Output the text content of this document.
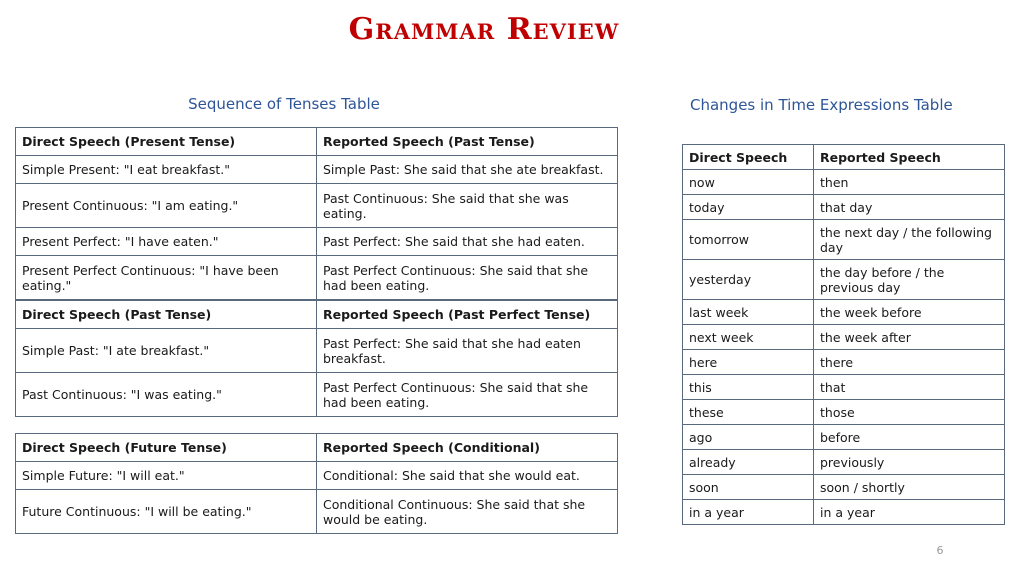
Grammar Review
Sequence of Tenses Table	Changes in Time Expressions Table
Direct Speech (Present Tense)	Reported Speech (Past Tense)
Simple Present: "I eat breakfast."	Simple Past: She said that she ate breakfast.
Present Continuous: "I am eating."	Past Continuous: She said that she was eating.
Present Perfect: "I have eaten."	Past Perfect: She said that she had eaten.
Present Perfect Continuous: "I have been eating."	Past Perfect Continuous: She said that she had been eating.
Direct Speech (Past Tense)	Reported Speech (Past Perfect Tense)
Simple Past: "I ate breakfast."	Past Perfect: She said that she had eaten breakfast.
Past Continuous: "I was eating."	Past Perfect Continuous: She said that she had been eating.
Direct Speech (Future Tense)	Reported Speech (Conditional)
Simple Future: "I will eat."	Conditional: She said that she would eat.
Future Continuous: "I will be eating."	Conditional Continuous: She said that she would be eating.
Direct Speech	Reported Speech
now	then
today	that day
tomorrow	the next day / the following day
yesterday	the day before / the previous day
last week	the week before
next week	the week after
here	there
this	that
these	those
ago	before
already	previously
soon	soon / shortly
in a year	in a year
6
